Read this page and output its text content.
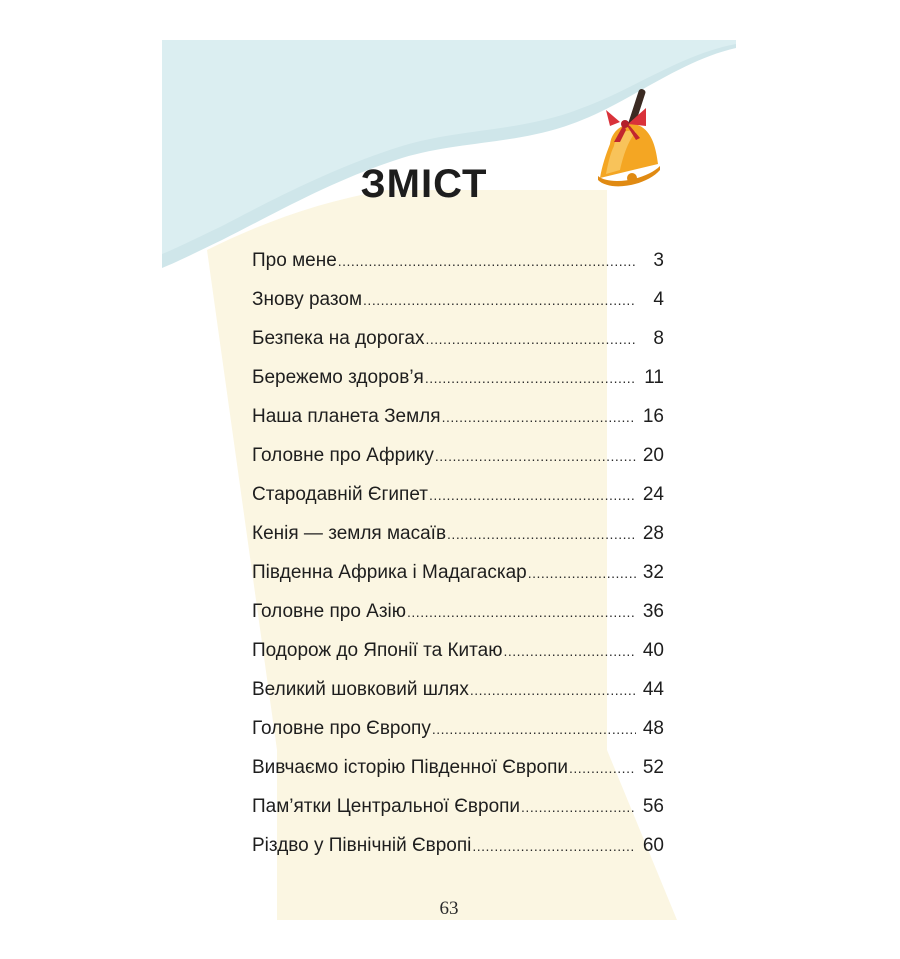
ЗМІСТ
Про мене .....	3
Знову разом .....	4
Безпека на дорогах .....	8
Бережемо здоров’я .....	11
Наша планета Земля .....	16
Головне про Африку .....	20
Стародавній Єгипет .....	24
Кенія — земля масаїв .....	28
Південна Африка і Мадагаскар .....	32
Головне про Азію .....	36
Подорож до Японії та Китаю .....	40
Великий шовковий шлях .....	44
Головне про Європу .....	48
Вивчаємо історію Південної Європи .....	52
Пам’ятки Центральної Європи .....	56
Різдво у Північній Європі .....	60
63
